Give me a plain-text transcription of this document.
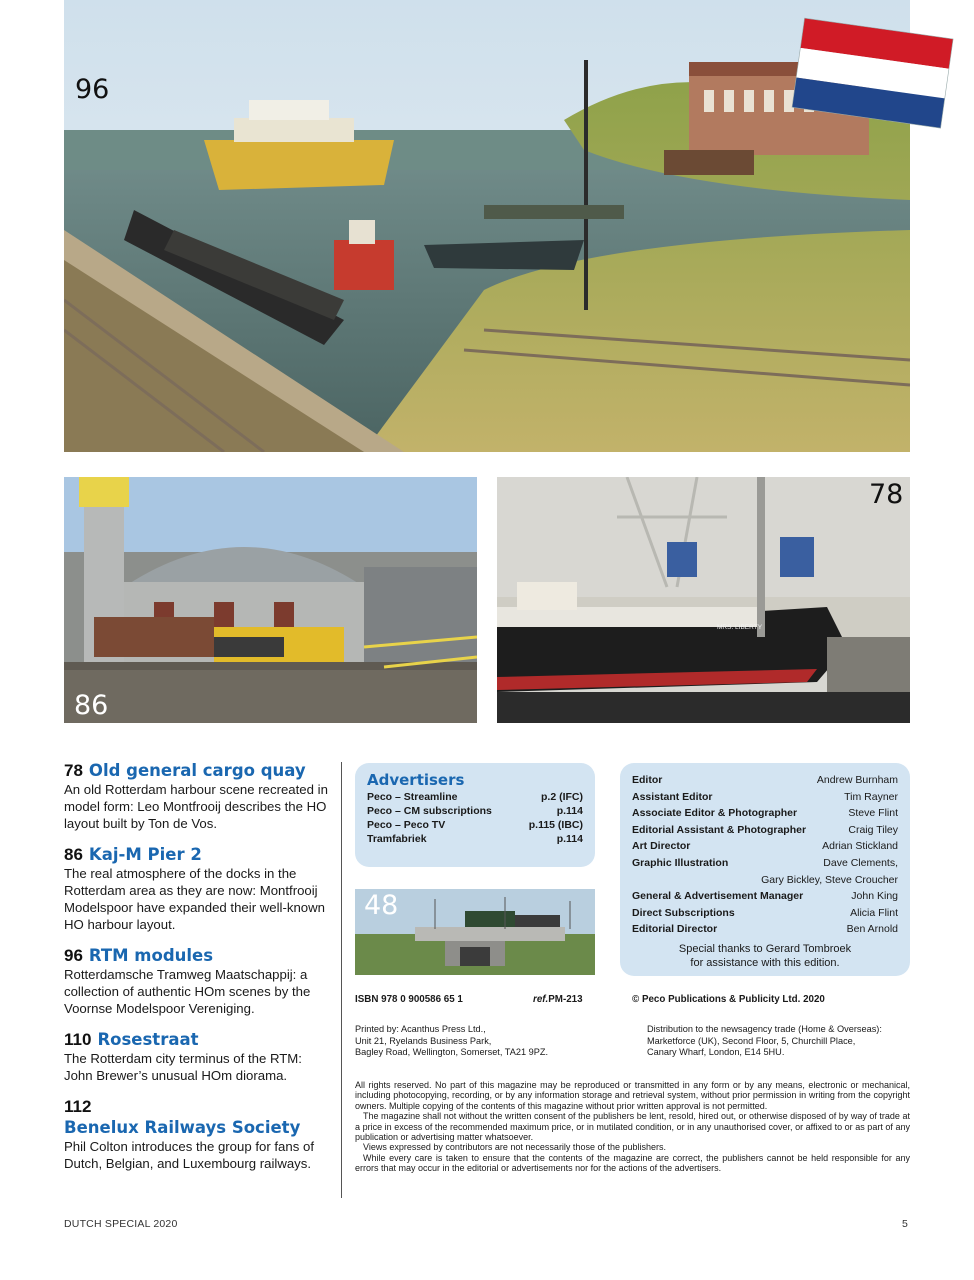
96
86
MRS. LIBERTY
78
78 Old general cargo quay
An old Rotterdam harbour scene recreated in model form: Leo Montfrooij describes the HO layout built by Ton de Vos.
86 Kaj-M Pier 2
The real atmosphere of the docks in the Rotterdam area as they are now: Montfrooij Modelspoor have expanded their well-known HO harbour layout.
96 RTM modules
Rotterdamsche Tramweg Maatschappij: a collection of authentic HOm scenes by the Voornse Modelspoor Vereniging.
110 Rosestraat
The Rotterdam city terminus of the RTM: John Brewer’s unusual HOm diorama.
112
Benelux Railways Society
Phil Colton introduces the group for fans of Dutch, Belgian, and Luxembourg railways.
Advertisers
Peco – Streamline	p.2 (IFC)
Peco – CM subscriptions	p.114
Peco – Peco TV	p.115 (IBC)
Tramfabriek	p.114
48
Editor	Andrew Burnham
Assistant Editor	Tim Rayner
Associate Editor & Photographer	Steve Flint
Editorial Assistant & Photographer	Craig Tiley
Art Director	Adrian Stickland
Graphic Illustration	Dave Clements,
Gary Bickley, Steve Croucher
General & Advertisement Manager	John King
Direct Subscriptions	Alicia Flint
Editorial Director	Ben Arnold
Special thanks to Gerard Tombroek
for assistance with this edition.
ISBN 978 0 900586 65 1	ref.PM-213	© Peco Publications & Publicity Ltd. 2020
Printed by: Acanthus Press Ltd.,
Unit 21, Ryelands Business Park,
Bagley Road, Wellington, Somerset, TA21 9PZ.
Distribution to the newsagency trade (Home & Overseas):
Marketforce (UK), Second Floor, 5, Churchill Place,
Canary Wharf, London, E14 5HU.

All rights reserved. No part of this magazine may be reproduced or transmitted in any form or by any means, electronic or mechanical, including photocopying, recording, or by any information storage and retrieval system, without prior permission in writing from the copyright owners. Multiple copying of the contents of this magazine without prior written approval is not permitted.

The magazine shall not without the written consent of the publishers be lent, resold, hired out, or otherwise disposed of by way of trade at a price in excess of the recommended maximum price, or in mutilated condition, or in any unauthorised cover, or affixed to or as part of any publication or advertising matter whatsoever.

Views expressed by contributors are not necessarily those of the publishers.

While every care is taken to ensure that the contents of the magazine are correct, the publishers cannot be held responsible for any errors that may occur in the editorial or advertisements nor for the actions of the advertisers.

DUTCH SPECIAL 2020	5
